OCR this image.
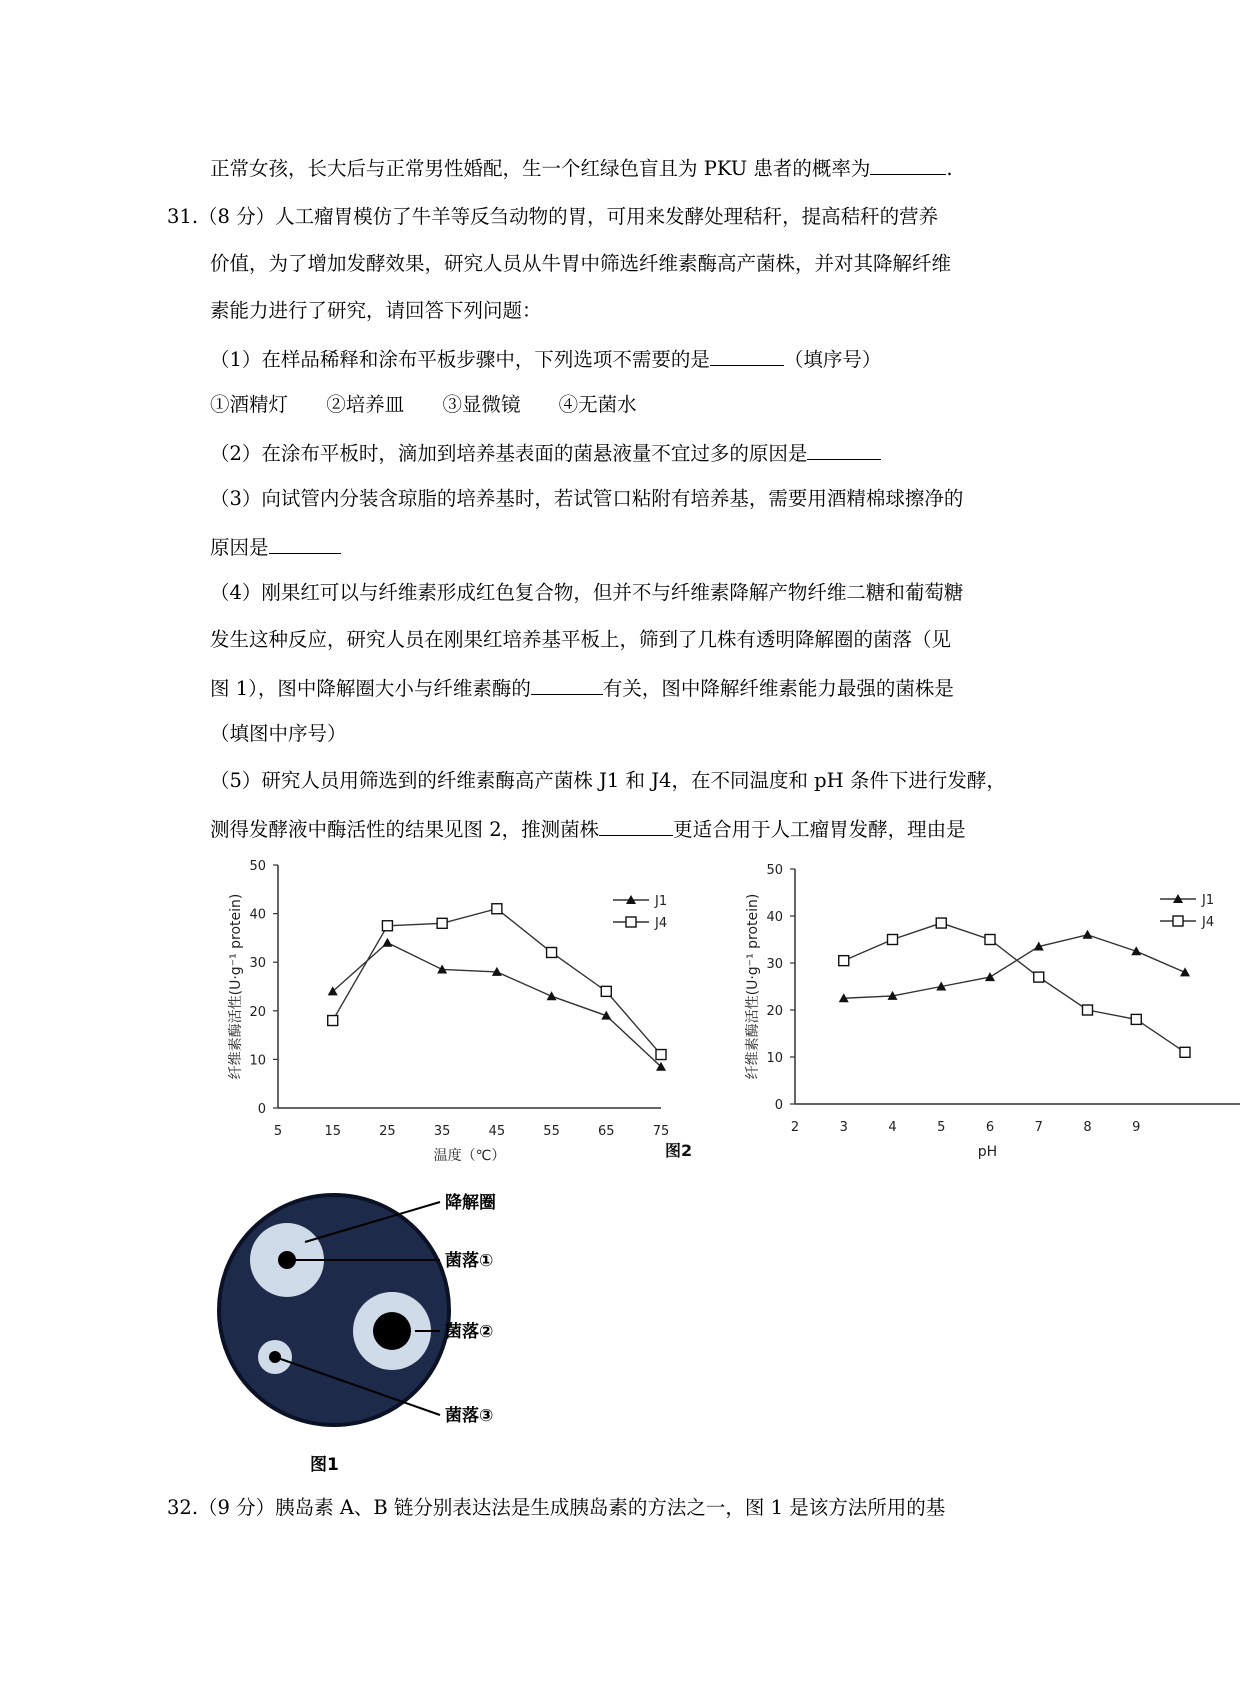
正常女孩，长大后与正常男性婚配，生一个红绿色盲且为 PKU 患者的概率为	.
31.（8 分）人工瘤胃模仿了牛羊等反刍动物的胃，可用来发酵处理秸秆，提高秸秆的营养
价值，为了增加发酵效果，研究人员从牛胃中筛选纤维素酶高产菌株，并对其降解纤维
素能力进行了研究，请回答下列问题：
（1）在样品稀释和涂布平板步骤中，下列选项不需要的是	（填序号）
①酒精灯 ②培养皿 ③显微镜 ④无菌水
（2）在涂布平板时，滴加到培养基表面的菌悬液量不宜过多的原因是
（3）向试管内分装含琼脂的培养基时，若试管口粘附有培养基，需要用酒精棉球擦净的
原因是
（4）刚果红可以与纤维素形成红色复合物，但并不与纤维素降解产物纤维二糖和葡萄糖
发生这种反应，研究人员在刚果红培养基平板上，筛到了几株有透明降解圈的菌落（见
图 1），图中降解圈大小与纤维素酶的	有关，图中降解纤维素能力最强的菌株是
（填图中序号）
（5）研究人员用筛选到的纤维素酶高产菌株 J1 和 J4，在不同温度和 pH 条件下进行发酵，
测得发酵液中酶活性的结果见图 2，推测菌株	更适合用于人工瘤胃发酵，理由是
0
10
20
30
40
50
5	15	25	35	45	55	65	75
温度（℃）
纤维素酶活性(U·g⁻¹ protein)	J1
J4
0
10
20
30
40
50
2	3	4	5	6	7	8	9
pH
纤维素酶活性(U·g⁻¹ protein)	J1
J4
图2
降解圈
菌落①
菌落②
菌落③
图1
32.（9 分）胰岛素 A、B 链分别表达法是生成胰岛素的方法之一，图 1 是该方法所用的基
